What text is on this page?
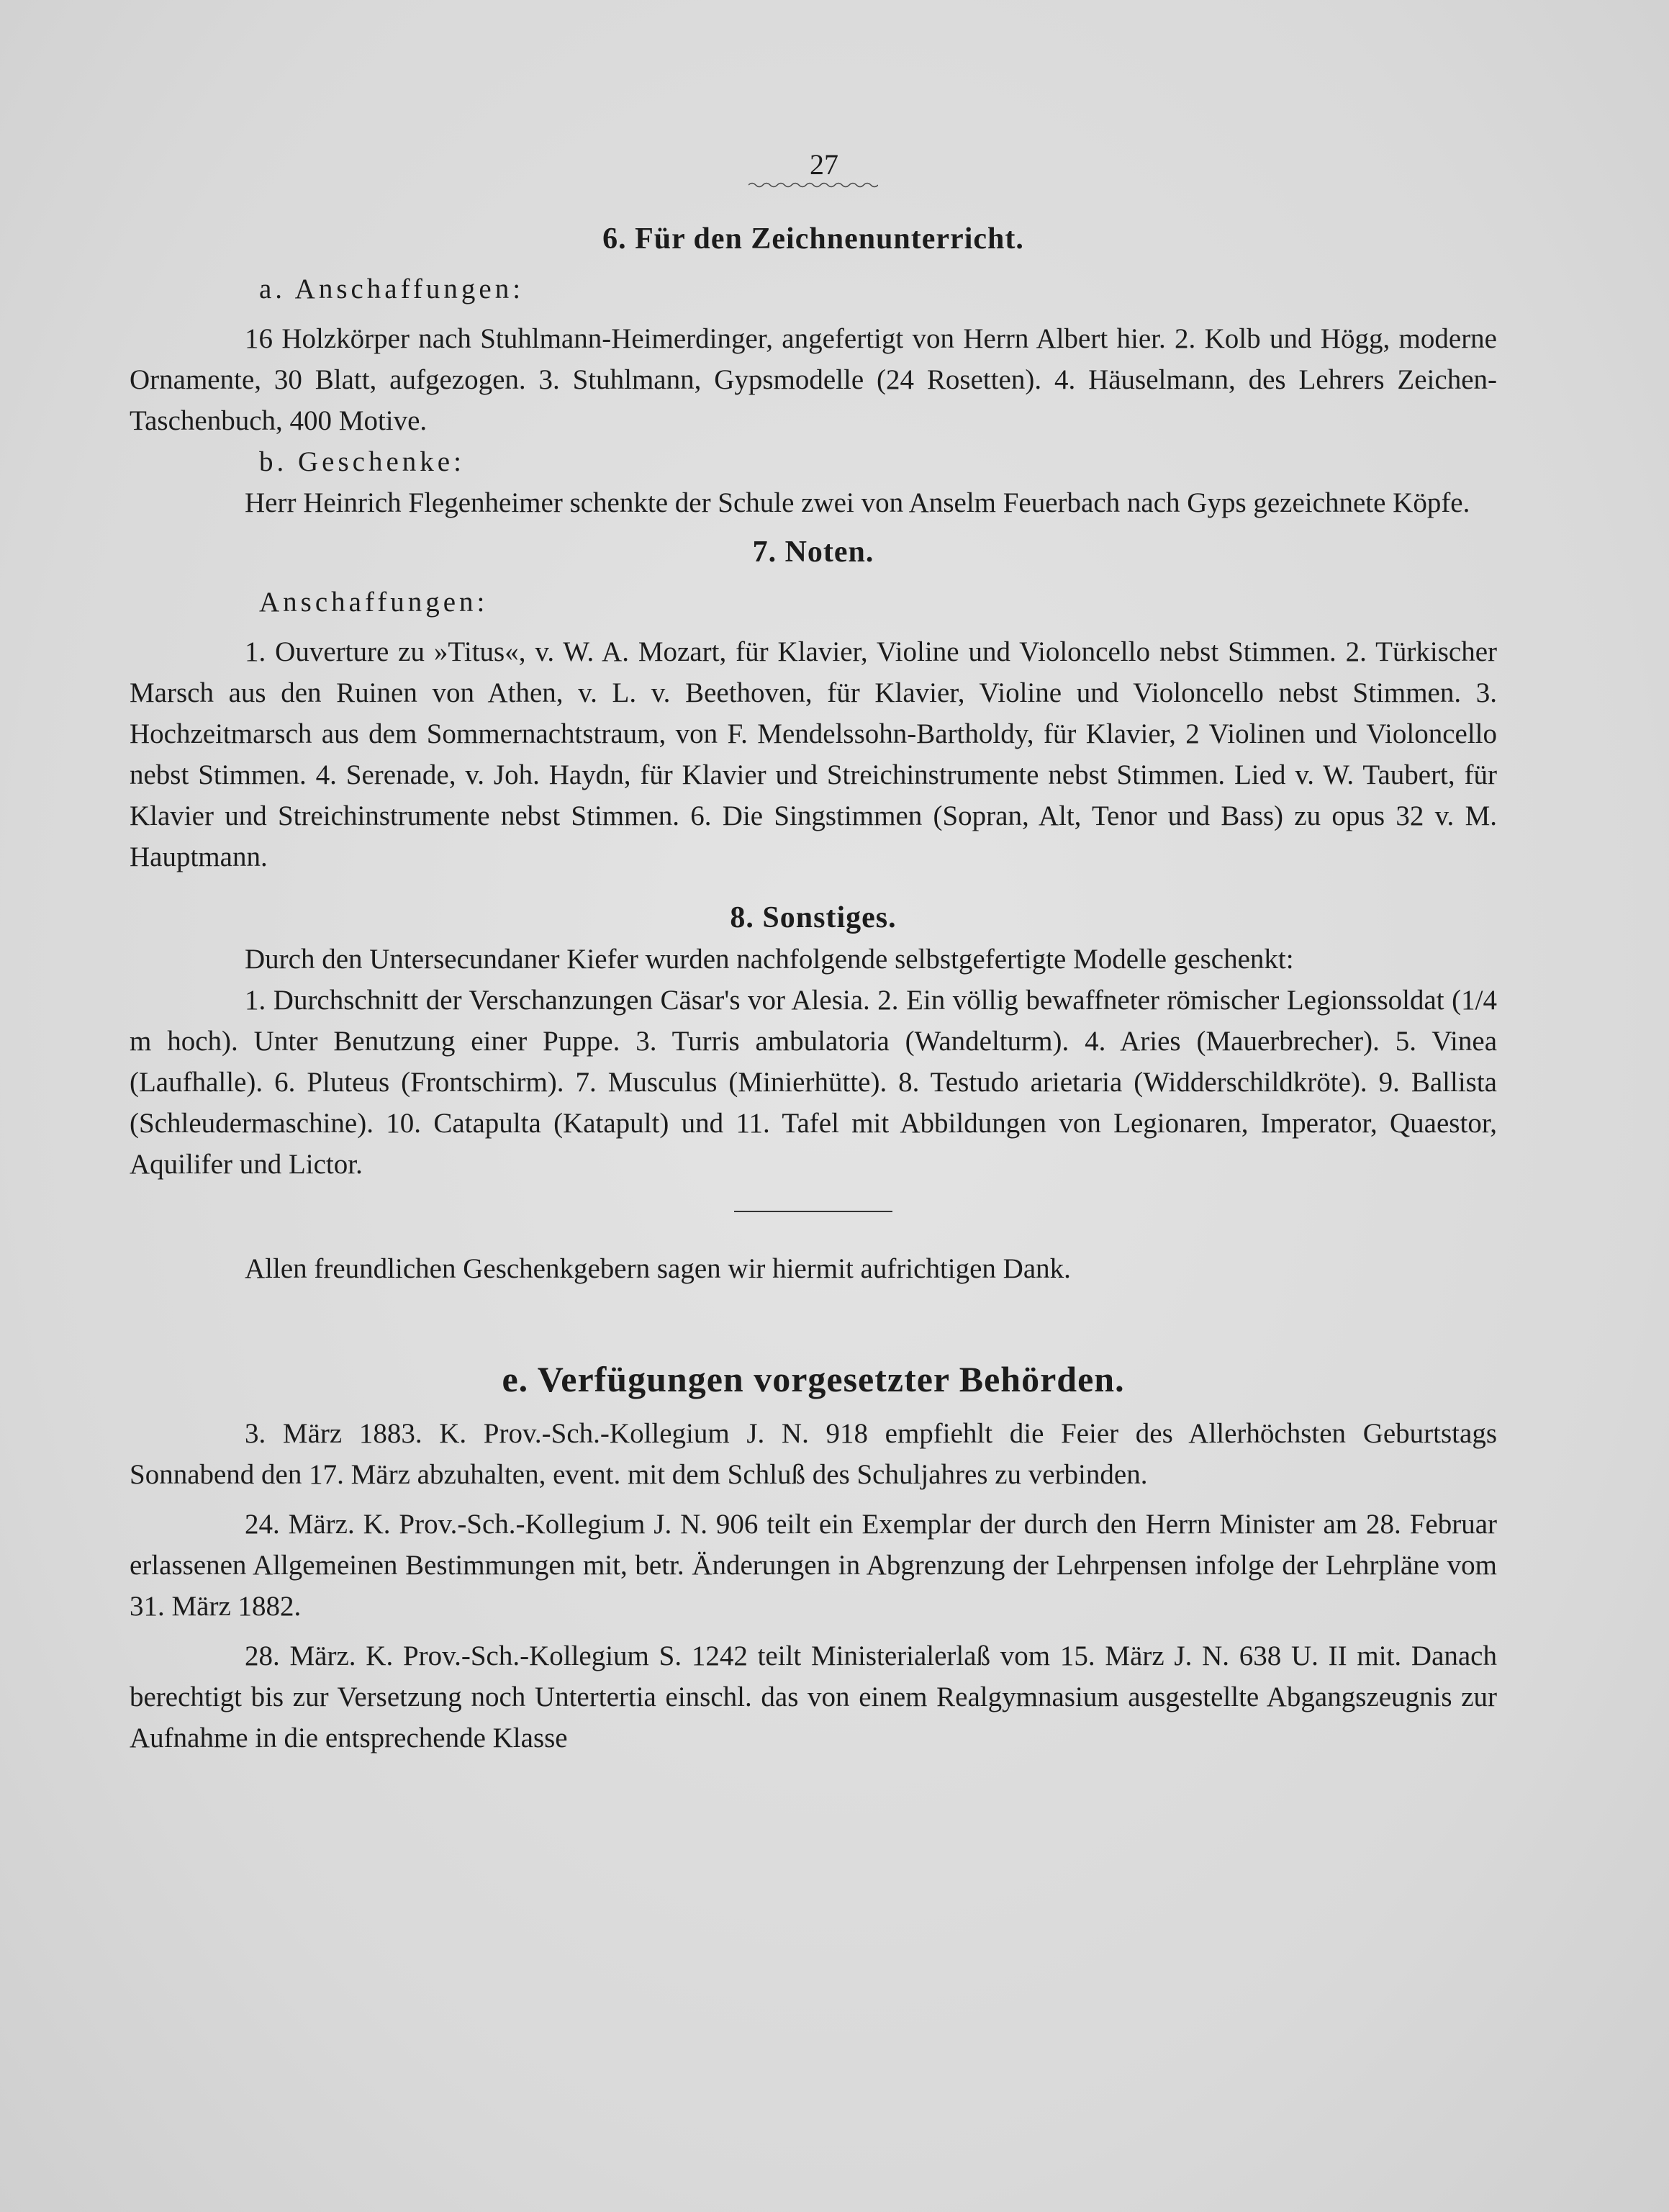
27
6. Für den Zeichnenunterricht.

a. Anschaffungen:

16 Holzkörper nach Stuhlmann-Heimerdinger, angefertigt von Herrn Albert hier. 2. Kolb und Högg, moderne Ornamente, 30 Blatt, aufgezogen. 3. Stuhlmann, Gypsmodelle (24 Rosetten). 4. Häuselmann, des Lehrers Zeichen-Taschenbuch, 400 Motive.

b. Geschenke:

Herr Heinrich Flegenheimer schenkte der Schule zwei von Anselm Feuerbach nach Gyps gezeichnete Köpfe.

7. Noten.

Anschaffungen:

1. Ouverture zu »Titus«, v. W. A. Mozart, für Klavier, Violine und Violoncello nebst Stimmen. 2. Türkischer Marsch aus den Ruinen von Athen, v. L. v. Beethoven, für Klavier, Violine und Violoncello nebst Stimmen. 3. Hochzeitmarsch aus dem Sommernachtstraum, von F. Mendelssohn-Bartholdy, für Klavier, 2 Violinen und Violoncello nebst Stimmen. 4. Serenade, v. Joh. Haydn, für Klavier und Streichinstrumente nebst Stimmen. Lied v. W. Taubert, für Klavier und Streichinstrumente nebst Stimmen. 6. Die Singstimmen (Sopran, Alt, Tenor und Bass) zu opus 32 v. M. Hauptmann.

8. Sonstiges.

Durch den Untersecundaner Kiefer wurden nachfolgende selbstgefertigte Modelle geschenkt:

1. Durchschnitt der Verschanzungen Cäsar's vor Alesia. 2. Ein völlig bewaffneter römischer Legionssoldat (1/4 m hoch). Unter Benutzung einer Puppe. 3. Turris ambulatoria (Wandelturm). 4. Aries (Mauerbrecher). 5. Vinea (Laufhalle). 6. Pluteus (Frontschirm). 7. Musculus (Minierhütte). 8. Testudo arietaria (Widderschildkröte). 9. Ballista (Schleudermaschine). 10. Catapulta (Katapult) und 11. Tafel mit Abbildungen von Legionaren, Imperator, Quaestor, Aquilifer und Lictor.

Allen freundlichen Geschenkgebern sagen wir hiermit aufrichtigen Dank.

e. Verfügungen vorgesetzter Behörden.

3. März 1883. K. Prov.-Sch.-Kollegium J. N. 918 empfiehlt die Feier des Allerhöchsten Geburtstags Sonnabend den 17. März abzuhalten, event. mit dem Schluß des Schuljahres zu verbinden.

24. März. K. Prov.-Sch.-Kollegium J. N. 906 teilt ein Exemplar der durch den Herrn Minister am 28. Februar erlassenen Allgemeinen Bestimmungen mit, betr. Änderungen in Abgrenzung der Lehrpensen infolge der Lehrpläne vom 31. März 1882.

28. März. K. Prov.-Sch.-Kollegium S. 1242 teilt Ministerialerlaß vom 15. März J. N. 638 U. II mit. Danach berechtigt bis zur Versetzung noch Untertertia einschl. das von einem Realgymnasium ausgestellte Abgangszeugnis zur Aufnahme in die entsprechende Klasse
